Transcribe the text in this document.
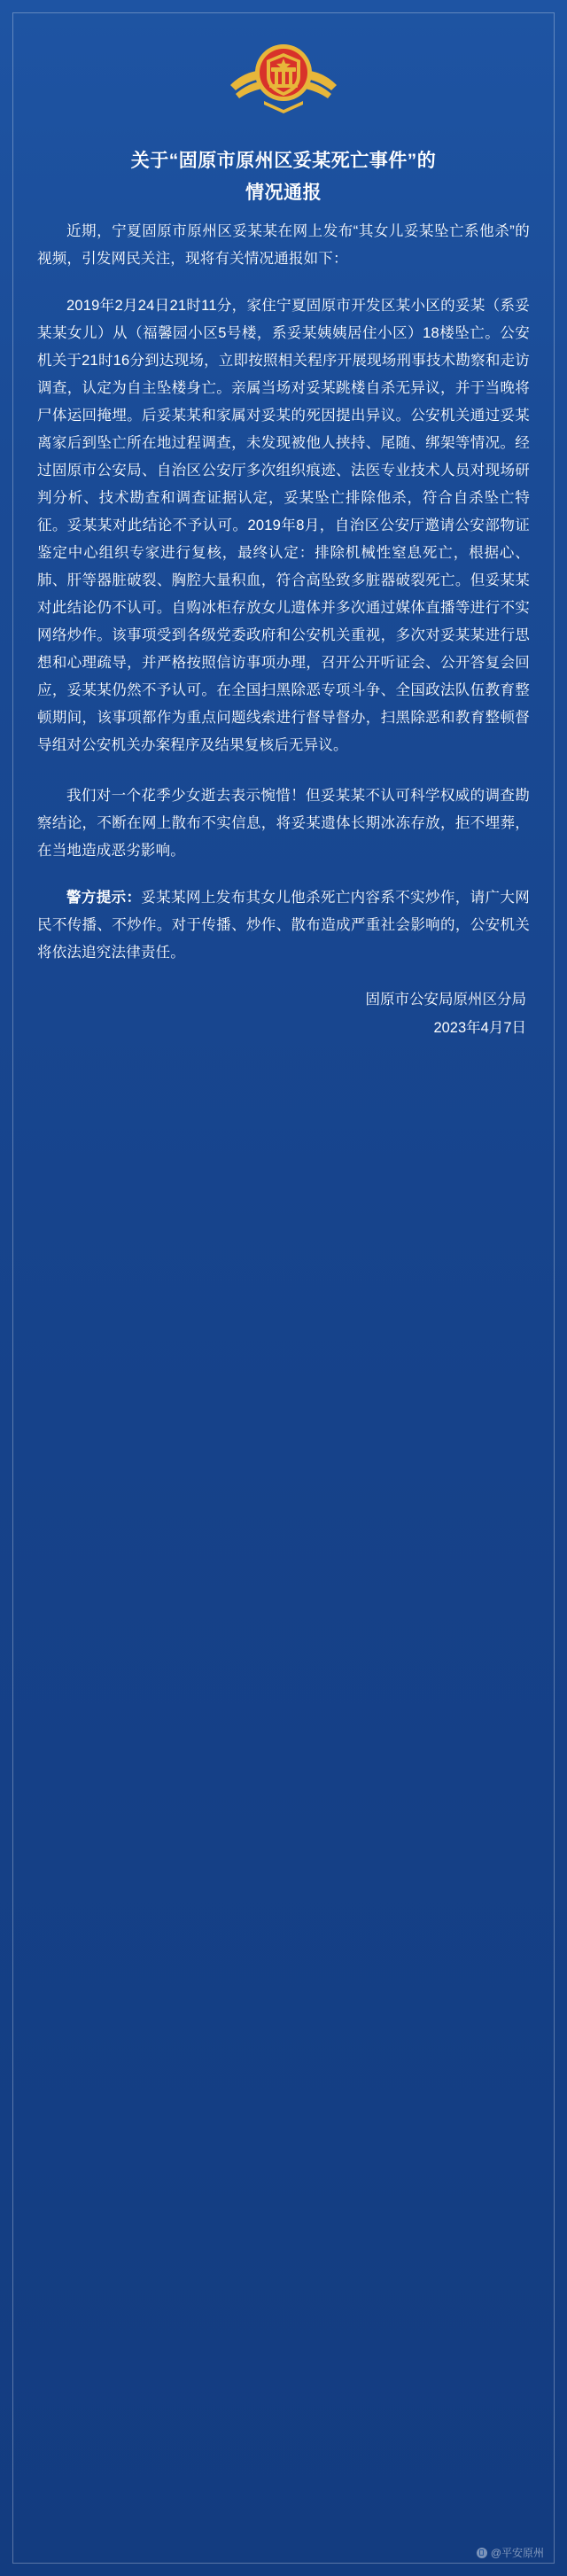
关于“固原市原州区妥某死亡事件”的
情况通报

近期，宁夏固原市原州区妥某某在网上发布“其女儿妥某坠亡系他杀”的视频，引发网民关注，现将有关情况通报如下：

2019年2月24日21时11分，家住宁夏固原市开发区某小区的妥某（系妥某某女儿）从（福馨园小区5号楼，系妥某姨姨居住小区）18楼坠亡。公安机关于21时16分到达现场，立即按照相关程序开展现场刑事技术勘察和走访调查，认定为自主坠楼身亡。亲属当场对妥某跳楼自杀无异议，并于当晚将尸体运回掩埋。后妥某某和家属对妥某的死因提出异议。公安机关通过妥某离家后到坠亡所在地过程调查，未发现被他人挟持、尾随、绑架等情况。经过固原市公安局、自治区公安厅多次组织痕迹、法医专业技术人员对现场研判分析、技术勘查和调查证据认定，妥某坠亡排除他杀，符合自杀坠亡特征。妥某某对此结论不予认可。2019年8月，自治区公安厅邀请公安部物证鉴定中心组织专家进行复核，最终认定：排除机械性窒息死亡，根据心、肺、肝等器脏破裂、胸腔大量积血，符合高坠致多脏器破裂死亡。但妥某某对此结论仍不认可。自购冰柜存放女儿遗体并多次通过媒体直播等进行不实网络炒作。该事项受到各级党委政府和公安机关重视，多次对妥某某进行思想和心理疏导，并严格按照信访事项办理，召开公开听证会、公开答复会回应，妥某某仍然不予认可。在全国扫黑除恶专项斗争、全国政法队伍教育整顿期间，该事项都作为重点问题线索进行督导督办，扫黑除恶和教育整顿督导组对公安机关办案程序及结果复核后无异议。

我们对一个花季少女逝去表示惋惜！但妥某某不认可科学权威的调查勘察结论，不断在网上散布不实信息，将妥某遗体长期冰冻存放，拒不埋葬，在当地造成恶劣影响。

警方提示：妥某某网上发布其女儿他杀死亡内容系不实炒作，请广大网民不传播、不炒作。对于传播、炒作、散布造成严重社会影响的，公安机关将依法追究法律责任。

固原市公安局原州区分局
2023年4月7日
@平安原州
